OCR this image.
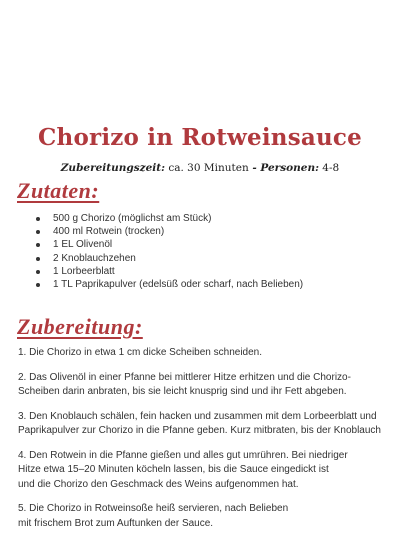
Chorizo in Rotweinsauce
Zubereitungszeit: ca. 30 Minuten - Personen: 4-8
Zutaten:
500 g Chorizo (möglichst am Stück)
400 ml Rotwein (trocken)
1 EL Olivenöl
2 Knoblauchzehen
1 Lorbeerblatt
1 TL Paprikapulver (edelsüß oder scharf, nach Belieben)
Zubereitung:

1. Die Chorizo in etwa 1 cm dicke Scheiben schneiden.

2. Das Olivenöl in einer Pfanne bei mittlerer Hitze erhitzen und die Chorizo-
Scheiben darin anbraten, bis sie leicht knusprig sind und ihr Fett abgeben.

3. Den Knoblauch schälen, fein hacken und zusammen mit dem Lorbeerblatt und
Paprikapulver zur Chorizo in die Pfanne geben. Kurz mitbraten, bis der Knoblauch

4. Den Rotwein in die Pfanne gießen und alles gut umrühren. Bei niedriger
Hitze etwa 15–20 Minuten köcheln lassen, bis die Sauce eingedickt ist
und die Chorizo den Geschmack des Weins aufgenommen hat.

5. Die Chorizo in Rotweinsoße heiß servieren, nach Belieben
mit frischem Brot zum Auftunken der Sauce.
